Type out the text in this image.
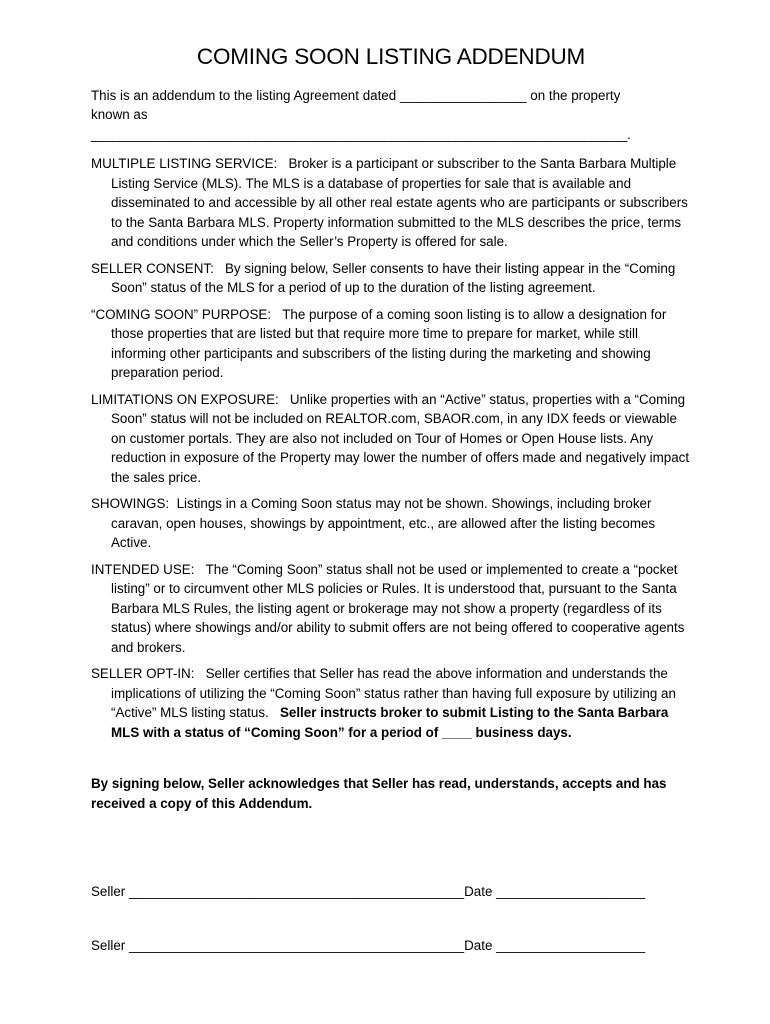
COMING SOON LISTING ADDENDUM
This is an addendum to the listing Agreement dated _________________ on the property
known as
___________________________________________________________________________.

MULTIPLE LISTING SERVICE: Broker is a participant or subscriber to the Santa Barbara Multiple Listing Service (MLS). The MLS is a database of properties for sale that is available and disseminated to and accessible by all other real estate agents who are participants or subscribers to the Santa Barbara MLS. Property information submitted to the MLS describes the price, terms and conditions under which the Seller’s Property is offered for sale.

SELLER CONSENT: By signing below, Seller consents to have their listing appear in the “Coming Soon” status of the MLS for a period of up to the duration of the listing agreement.

“COMING SOON” PURPOSE: The purpose of a coming soon listing is to allow a designation for those properties that are listed but that require more time to prepare for market, while still informing other participants and subscribers of the listing during the marketing and showing preparation period.

LIMITATIONS ON EXPOSURE: Unlike properties with an “Active” status, properties with a “Coming Soon” status will not be included on REALTOR.com, SBAOR.com, in any IDX feeds or viewable on customer portals. They are also not included on Tour of Homes or Open House lists. Any reduction in exposure of the Property may lower the number of offers made and negatively impact the sales price.

SHOWINGS: Listings in a Coming Soon status may not be shown. Showings, including broker caravan, open houses, showings by appointment, etc., are allowed after the listing becomes Active.

INTENDED USE: The “Coming Soon” status shall not be used or implemented to create a “pocket listing” or to circumvent other MLS policies or Rules. It is understood that, pursuant to the Santa Barbara MLS Rules, the listing agent or brokerage may not show a property (regardless of its status) where showings and/or ability to submit offers are not being offered to cooperative agents and brokers.

SELLER OPT-IN: Seller certifies that Seller has read the above information and understands the implications of utilizing the “Coming Soon” status rather than having full exposure by utilizing an “Active” MLS listing status. Seller instructs broker to submit Listing to the Santa Barbara MLS with a status of “Coming Soon” for a period of ____ business days.

By signing below, Seller acknowledges that Seller has read, understands, accepts and has received a copy of this Addendum.

Seller _____________________________________________Date ____________________
Seller _____________________________________________Date ____________________
